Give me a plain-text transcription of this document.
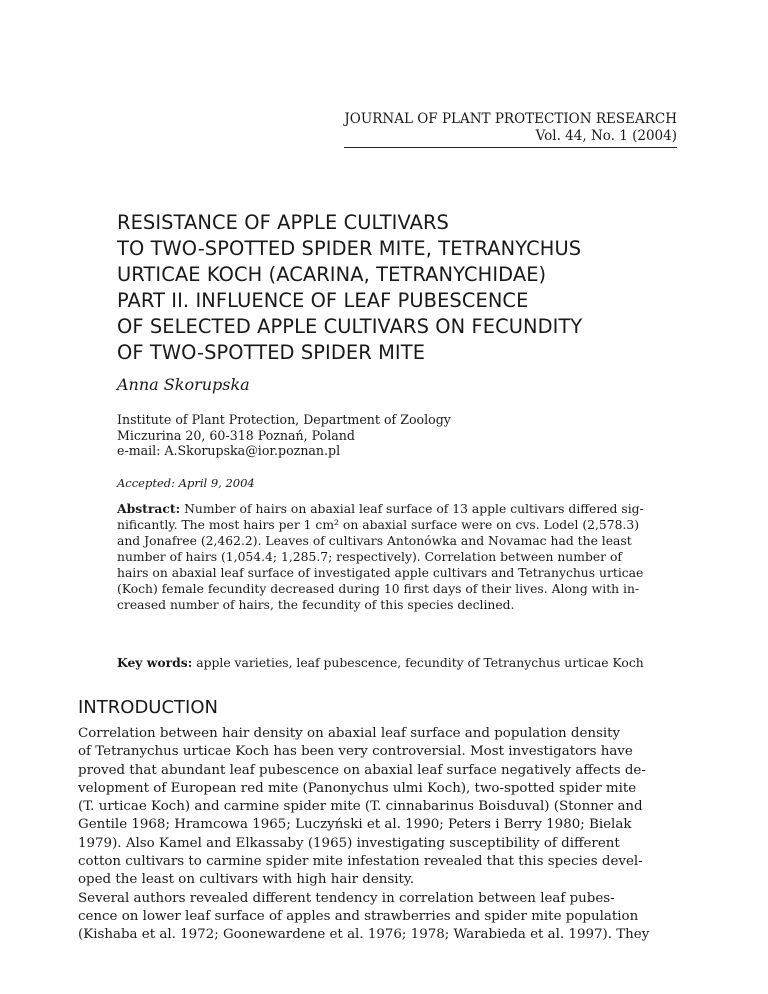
JOURNAL OF PLANT PROTECTION RESEARCH
Vol. 44, No. 1 (2004)
RESISTANCE OF APPLE CULTIVARS
TO TWO-SPOTTED SPIDER MITE, TETRANYCHUS
URTICAE KOCH (ACARINA, TETRANYCHIDAE)
PART II. INFLUENCE OF LEAF PUBESCENCE
OF SELECTED APPLE CULTIVARS ON FECUNDITY
OF TWO-SPOTTED SPIDER MITE
Anna Skorupska
Institute of Plant Protection, Department of Zoology
Miczurina 20, 60-318 Poznań, Poland
e-mail: A.Skorupska@ior.poznan.pl
Accepted: April 9, 2004
Abstract: Number of hairs on abaxial leaf surface of 13 apple cultivars differed sig-
nificantly. The most hairs per 1 cm² on abaxial surface were on cvs. Lodel (2,578.3)
and Jonafree (2,462.2). Leaves of cultivars Antonówka and Novamac had the least
number of hairs (1,054.4; 1,285.7; respectively). Correlation between number of
hairs on abaxial leaf surface of investigated apple cultivars and Tetranychus urticae
(Koch) female fecundity decreased during 10 first days of their lives. Along with in-
creased number of hairs, the fecundity of this species declined.
Key words: apple varieties, leaf pubescence, fecundity of Tetranychus urticae Koch
INTRODUCTION
Correlation between hair density on abaxial leaf surface and population density
of Tetranychus urticae Koch has been very controversial. Most investigators have
proved that abundant leaf pubescence on abaxial leaf surface negatively affects de-
velopment of European red mite (Panonychus ulmi Koch), two-spotted spider mite
(T. urticae Koch) and carmine spider mite (T. cinnabarinus Boisduval) (Stonner and
Gentile 1968; Hramcowa 1965; Luczyński et al. 1990; Peters i Berry 1980; Bielak
1979). Also Kamel and Elkassaby (1965) investigating susceptibility of different
cotton cultivars to carmine spider mite infestation revealed that this species devel-
oped the least on cultivars with high hair density.
Several authors revealed different tendency in correlation between leaf pubes-
cence on lower leaf surface of apples and strawberries and spider mite population
(Kishaba et al. 1972; Goonewardene et al. 1976; 1978; Warabieda et al. 1997). They
